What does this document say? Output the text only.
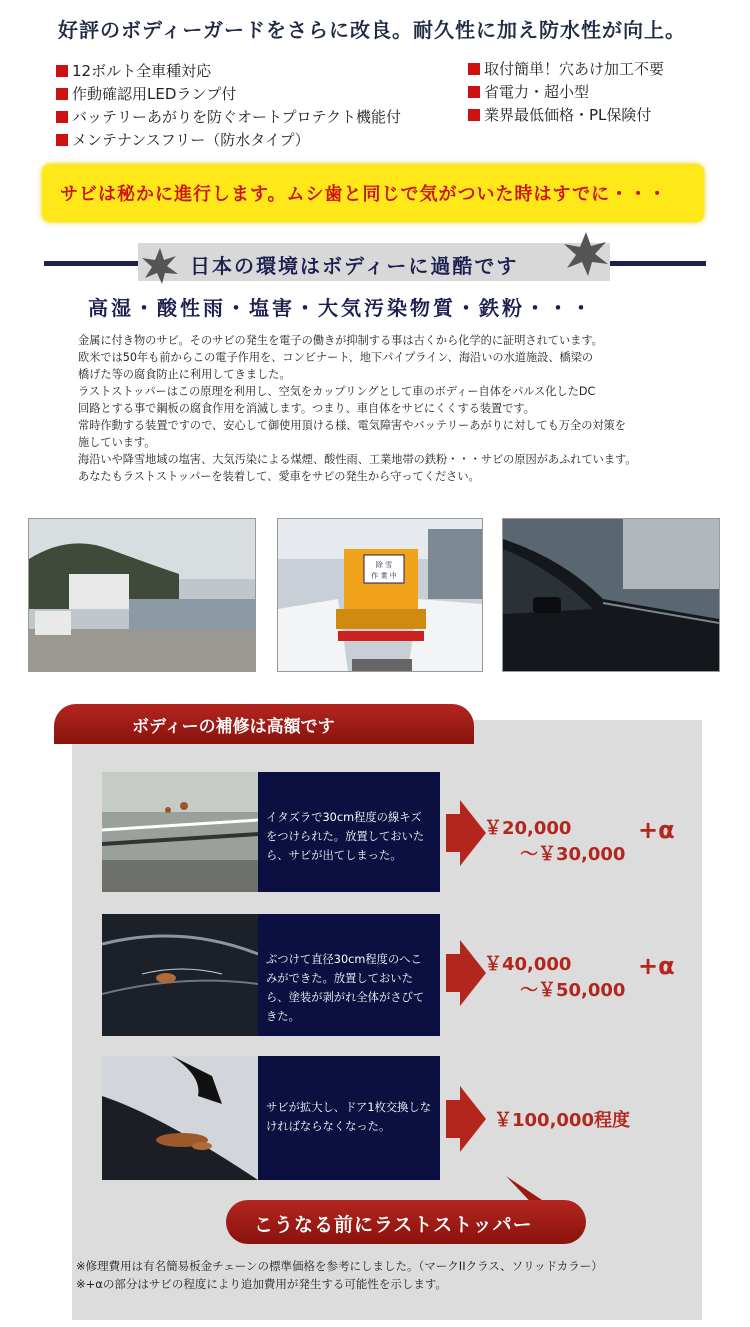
好評のボディーガードをさらに改良。耐久性に加え防水性が向上。
12ボルト全車種対応
作動確認用LEDランプ付
バッテリーあがりを防ぐオートプロテクト機能付
メンテナンスフリー（防水タイプ）
取付簡単！穴あけ加工不要
省電力・超小型
業界最低価格・PL保険付
サビは秘かに進行します。ムシ歯と同じで気がついた時はすでに・・・
日本の環境はボディーに過酷です
高湿・酸性雨・塩害・大気汚染物質・鉄粉・・・

金属に付き物のサビ。そのサビの発生を電子の働きが抑制する事は古くから化学的に証明されています。

欧米では50年も前からこの電子作用を、コンビナート、地下パイプライン、海沿いの水道施設、橋梁の

橋げた等の腐食防止に利用してきました。

ラストストッパーはこの原理を利用し、空気をカップリングとして車のボディー自体をパルス化したDC

回路とする事で鋼板の腐食作用を消滅します。つまり、車自体をサビにくくする装置です。

常時作動する装置ですので、安心して御使用頂ける様、電気障害やバッテリーあがりに対しても万全の対策を

施しています。

海沿いや降雪地域の塩害、大気汚染による煤煙、酸性雨、工業地帯の鉄粉・・・サビの原因があふれています。

あなたもラストストッパーを装着して、愛車をサビの発生から守ってください。

除 雪
作 業 中
ボディーの補修は高額です
イタズラで30cm程度の線キズをつけられた。放置しておいたら、サビが出てしまった。
￥20,000
～￥30,000
+α
ぶつけて直径30cm程度のへこみができた。放置しておいたら、塗装が剥がれ全体がさびてきた。
￥40,000
～￥50,000
+α
サビが拡大し、ドア1枚交換しなければならなくなった。	￥100,000程度
こうなる前にラストストッパー
※修理費用は有名簡易板金チェーンの標準価格を参考にしました。（マークIIクラス、ソリッドカラー）
※+αの部分はサビの程度により追加費用が発生する可能性を示します。
